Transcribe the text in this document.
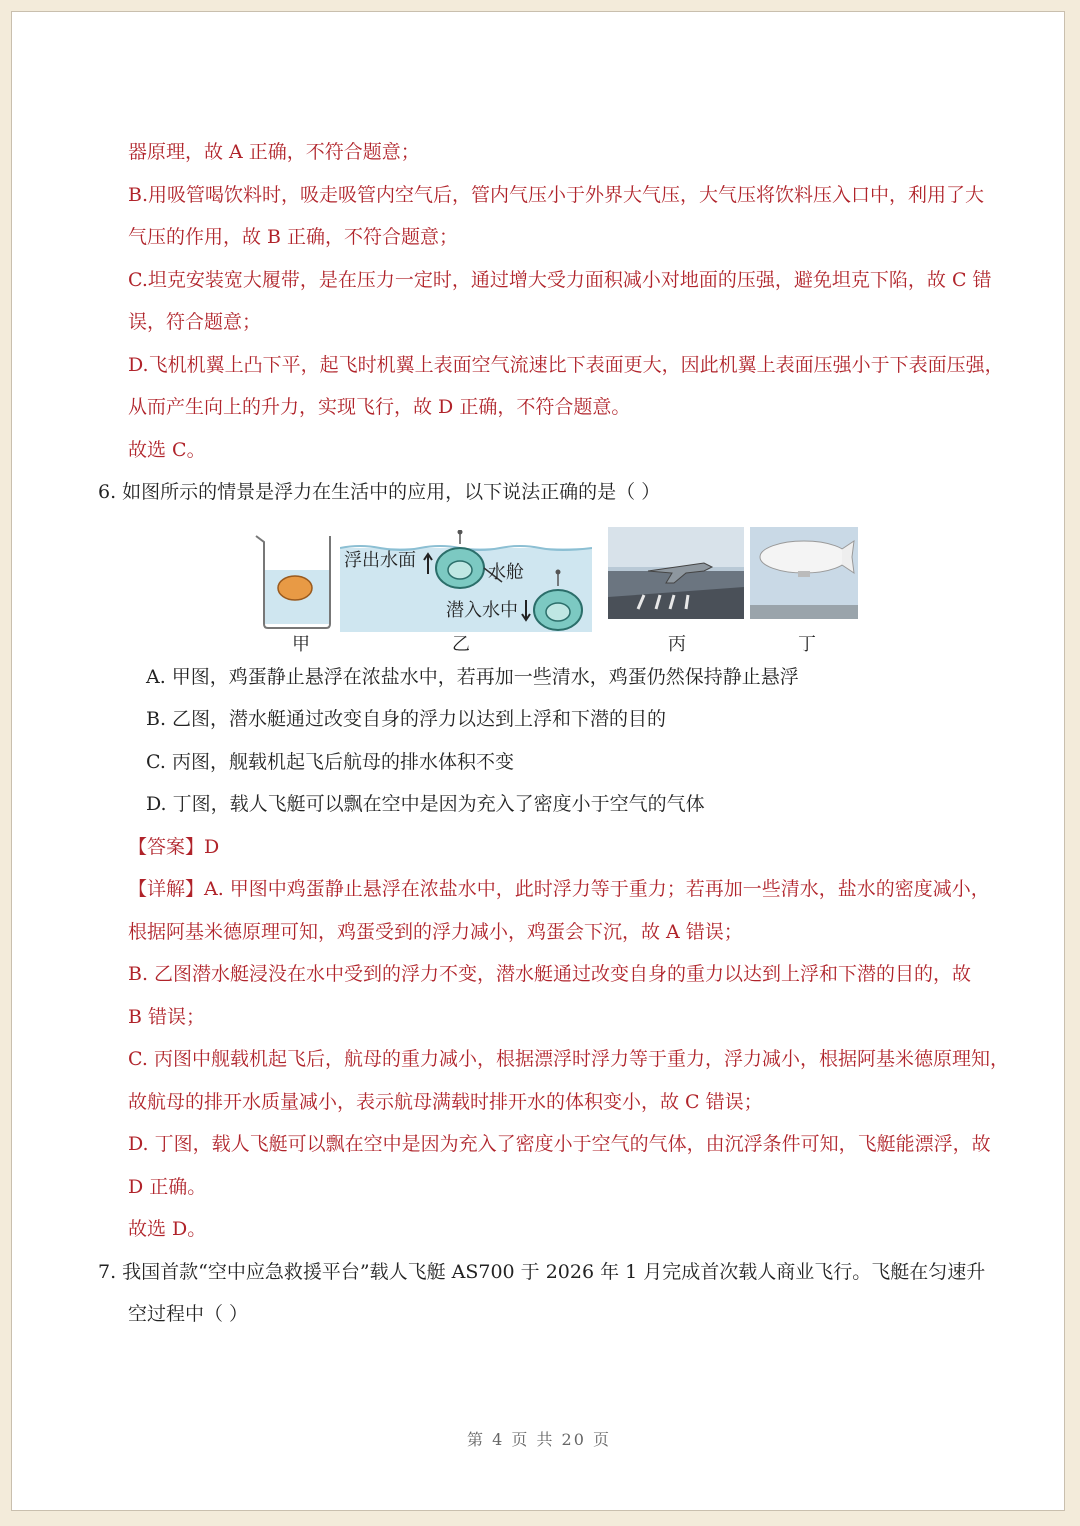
器原理，故 A 正确，不符合题意；
B.用吸管喝饮料时，吸走吸管内空气后，管内气压小于外界大气压，大气压将饮料压入口中，利用了大
气压的作用，故 B 正确，不符合题意；
C.坦克安装宽大履带，是在压力一定时，通过增大受力面积减小对地面的压强，避免坦克下陷，故 C 错
误，符合题意；
D.飞机机翼上凸下平，起飞时机翼上表面空气流速比下表面更大，因此机翼上表面压强小于下表面压强，
从而产生向上的升力，实现飞行，故 D 正确，不符合题意。
故选 C。
6. 如图所示的情景是浮力在生活中的应用，以下说法正确的是（ ）
甲
浮出水面
水舱
潜入水中
乙	丙	丁
A. 甲图，鸡蛋静止悬浮在浓盐水中，若再加一些清水，鸡蛋仍然保持静止悬浮
B. 乙图，潜水艇通过改变自身的浮力以达到上浮和下潜的目的
C. 丙图，舰载机起飞后航母的排水体积不变
D. 丁图，载人飞艇可以飘在空中是因为充入了密度小于空气的气体
【答案】D
【详解】A. 甲图中鸡蛋静止悬浮在浓盐水中，此时浮力等于重力；若再加一些清水，盐水的密度减小，
根据阿基米德原理可知，鸡蛋受到的浮力减小，鸡蛋会下沉，故 A 错误；
B. 乙图潜水艇浸没在水中受到的浮力不变，潜水艇通过改变自身的重力以达到上浮和下潜的目的，故
B 错误；
C. 丙图中舰载机起飞后，航母的重力减小，根据漂浮时浮力等于重力，浮力减小，根据阿基米德原理知，
故航母的排开水质量减小，表示航母满载时排开水的体积变小，故 C 错误；
D. 丁图，载人飞艇可以飘在空中是因为充入了密度小于空气的气体，由沉浮条件可知，飞艇能漂浮，故
D 正确。
故选 D。
7. 我国首款“空中应急救援平台”载人飞艇 AS700 于 2026 年 1 月完成首次载人商业飞行。飞艇在匀速升
空过程中（ ）
第 4 页 共 20 页
